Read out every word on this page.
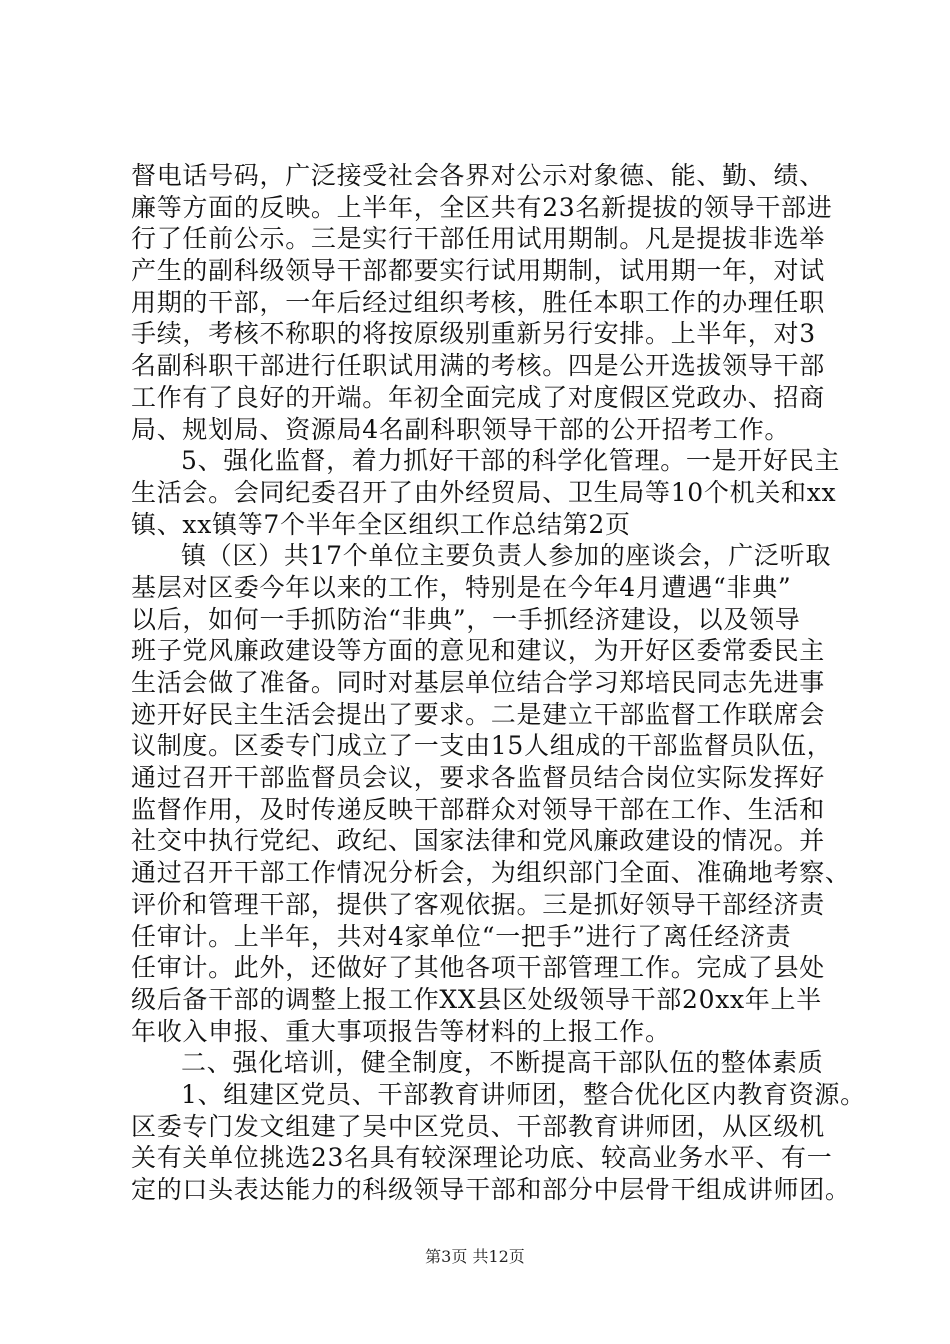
督电话号码，广泛接受社会各界对公示对象德、能、勤、绩、
廉等方面的反映。上半年，全区共有23名新提拔的领导干部进
行了任前公示。三是实行干部任用试用期制。凡是提拔非选举
产生的副科级领导干部都要实行试用期制，试用期一年，对试
用期的干部，一年后经过组织考核，胜任本职工作的办理任职
手续，考核不称职的将按原级别重新另行安排。上半年，对3
名副科职干部进行任职试用满的考核。四是公开选拔领导干部
工作有了良好的开端。年初全面完成了对度假区党政办、招商
局、规划局、资源局4名副科职领导干部的公开招考工作。
5、强化监督，着力抓好干部的科学化管理。一是开好民主
生活会。会同纪委召开了由外经贸局、卫生局等10个机关和xx
镇、xx镇等7个半年全区组织工作总结第2页
镇（区）共17个单位主要负责人参加的座谈会，广泛听取
基层对区委今年以来的工作，特别是在今年4月遭遇“非典”
以后，如何一手抓防治“非典”，一手抓经济建设，以及领导
班子党风廉政建设等方面的意见和建议，为开好区委常委民主
生活会做了准备。同时对基层单位结合学习郑培民同志先进事
迹开好民主生活会提出了要求。二是建立干部监督工作联席会
议制度。区委专门成立了一支由15人组成的干部监督员队伍，
通过召开干部监督员会议，要求各监督员结合岗位实际发挥好
监督作用，及时传递反映干部群众对领导干部在工作、生活和
社交中执行党纪、政纪、国家法律和党风廉政建设的情况。并
通过召开干部工作情况分析会，为组织部门全面、准确地考察、
评价和管理干部，提供了客观依据。三是抓好领导干部经济责
任审计。上半年，共对4家单位“一把手”进行了离任经济责
任审计。此外，还做好了其他各项干部管理工作。完成了县处
级后备干部的调整上报工作XX县区处级领导干部20xx年上半
年收入申报、重大事项报告等材料的上报工作。
二、强化培训，健全制度，不断提高干部队伍的整体素质
1、组建区党员、干部教育讲师团，整合优化区内教育资源。
区委专门发文组建了吴中区党员、干部教育讲师团，从区级机
关有关单位挑选23名具有较深理论功底、较高业务水平、有一
定的口头表达能力的科级领导干部和部分中层骨干组成讲师团。
第3页 共12页
